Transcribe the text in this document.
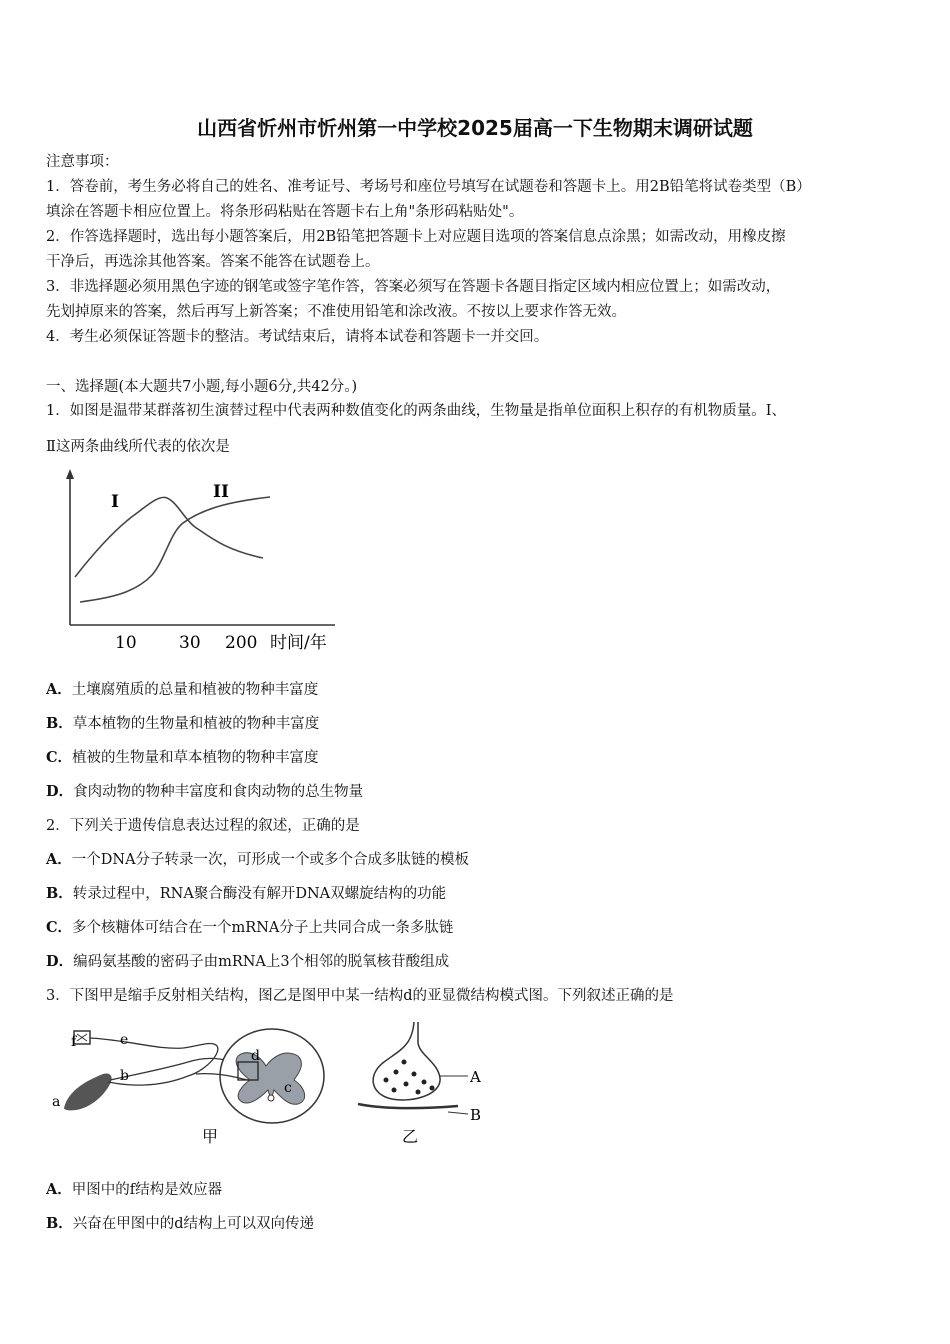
山西省忻州市忻州第一中学校2025届高一下生物期末调研试题
注意事项：
1．答卷前，考生务必将自己的姓名、准考证号、考场号和座位号填写在试题卷和答题卡上。用2B铅笔将试卷类型（B）
填涂在答题卡相应位置上。将条形码粘贴在答题卡右上角"条形码粘贴处"。
2．作答选择题时，选出每小题答案后，用2B铅笔把答题卡上对应题目选项的答案信息点涂黑；如需改动，用橡皮擦
干净后，再选涂其他答案。答案不能答在试题卷上。
3．非选择题必须用黑色字迹的钢笔或签字笔作答，答案必须写在答题卡各题目指定区域内相应位置上；如需改动，
先划掉原来的答案，然后再写上新答案；不准使用铅笔和涂改液。不按以上要求作答无效。
4．考生必须保证答题卡的整洁。考试结束后，请将本试卷和答题卡一并交回。
一、选择题(本大题共7小题,每小题6分,共42分。)
1．如图是温带某群落初生演替过程中代表两种数值变化的两条曲线，生物量是指单位面积上积存的有机物质量。Ⅰ、
Ⅱ这两条曲线所代表的依次是
I	II
10 30 200 时间/年
A．土壤腐殖质的总量和植被的物种丰富度
B．草本植物的生物量和植被的物种丰富度
C．植被的生物量和草本植物的物种丰富度
D．食肉动物的物种丰富度和食肉动物的总生物量
2．下列关于遗传信息表达过程的叙述，正确的是
A．一个DNA分子转录一次，可形成一个或多个合成多肽链的模板
B．转录过程中，RNA聚合酶没有解开DNA双螺旋结构的功能
C．多个核糖体可结合在一个mRNA分子上共同合成一条多肽链
D．编码氨基酸的密码子由mRNA上3个相邻的脱氧核苷酸组成
3．下图甲是缩手反射相关结构，图乙是图甲中某一结构d的亚显微结构模式图。下列叙述正确的是
f	e
b
a
d
c
甲
A
B
乙
A．甲图中的f结构是效应器
B．兴奋在甲图中的d结构上可以双向传递
